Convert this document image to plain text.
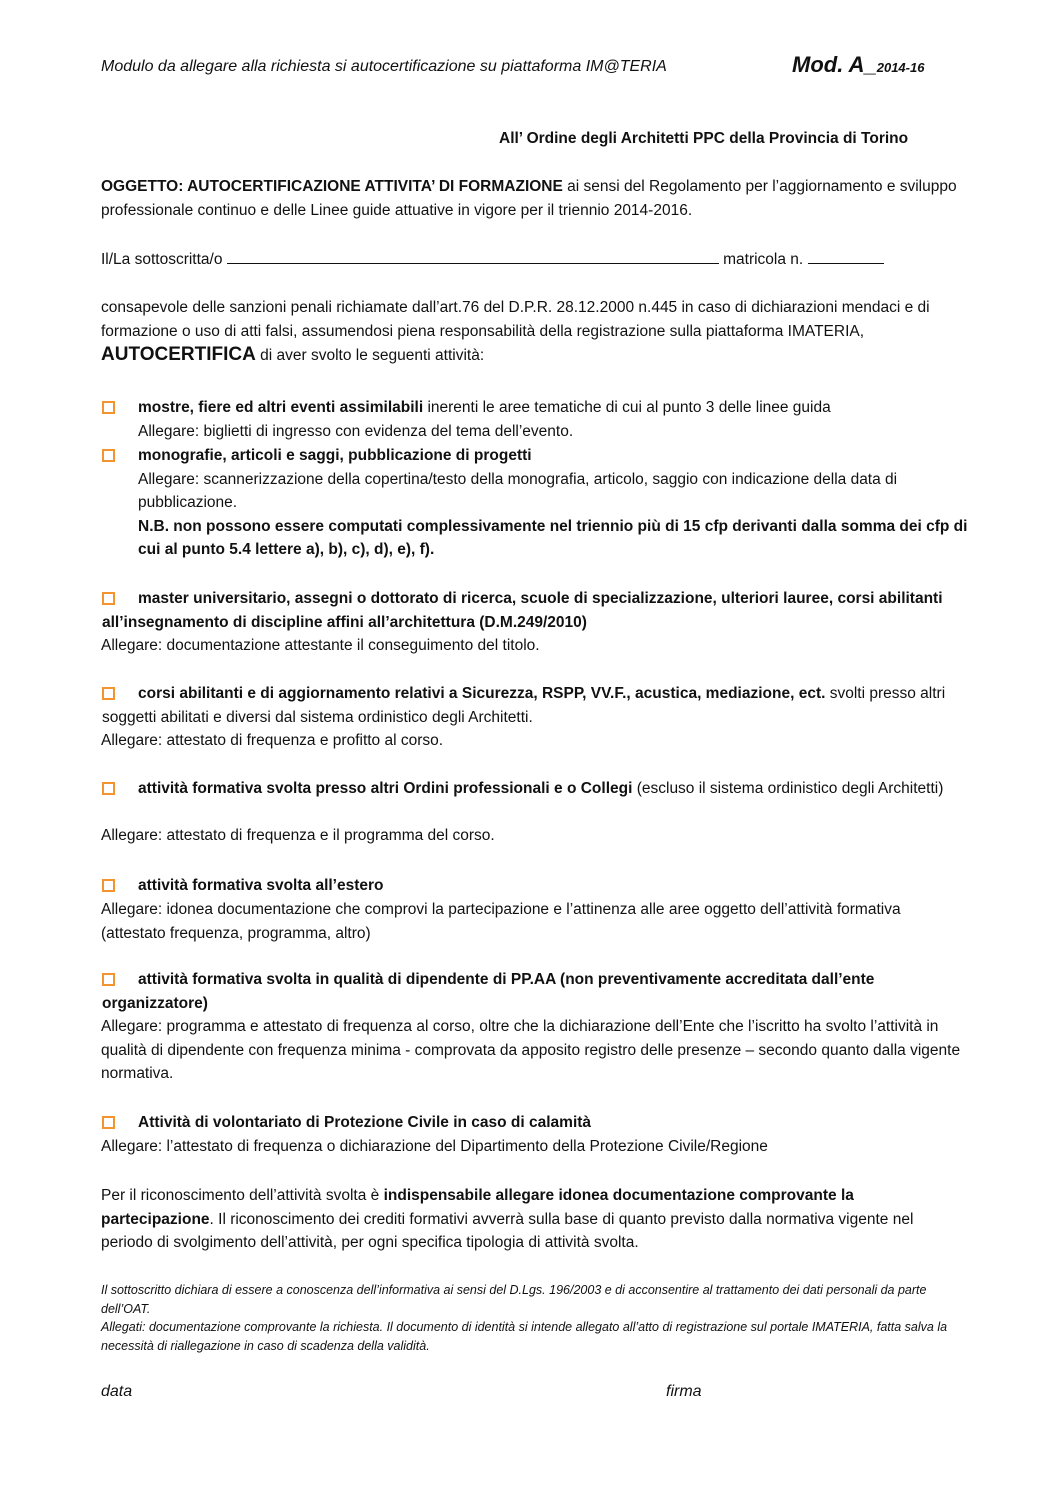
Modulo da allegare alla richiesta si autocertificazione su piattaforma IM@TERIA	Mod. A_2014-16
All’ Ordine degli Architetti PPC della Provincia di Torino
OGGETTO: AUTOCERTIFICAZIONE ATTIVITA’ DI FORMAZIONE ai sensi del Regolamento per l’aggiornamento e sviluppo professionale continuo e delle Linee guide attuative in vigore per il triennio 2014-2016.
Il/La sottoscritta/o	matricola n.
consapevole delle sanzioni penali richiamate dall’art.76 del D.P.R. 28.12.2000 n.445 in caso di dichiarazioni mendaci e di formazione o uso di atti falsi, assumendosi piena responsabilità della registrazione sulla piattaforma IMATERIA, AUTOCERTIFICA di aver svolto le seguenti attività:
mostre, fiere ed altri eventi assimilabili inerenti le aree tematiche di cui al punto 3 delle linee guida
Allegare: biglietti di ingresso con evidenza del tema dell’evento.
monografie, articoli e saggi, pubblicazione di progetti
Allegare: scannerizzazione della copertina/testo della monografia, articolo, saggio con indicazione della data di pubblicazione.
N.B. non possono essere computati complessivamente nel triennio più di 15 cfp derivanti dalla somma dei cfp di cui al punto 5.4 lettere a), b), c), d), e), f).
master universitario, assegni o dottorato di ricerca, scuole di specializzazione, ulteriori lauree, corsi abilitanti all’insegnamento di discipline affini all’architettura (D.M.249/2010)
Allegare: documentazione attestante il conseguimento del titolo.
corsi abilitanti e di aggiornamento relativi a Sicurezza, RSPP, VV.F., acustica, mediazione, ect. svolti presso altri soggetti abilitati e diversi dal sistema ordinistico degli Architetti.
Allegare: attestato di frequenza e profitto al corso.
attività formativa svolta presso altri Ordini professionali e o Collegi (escluso il sistema ordinistico degli Architetti)
Allegare: attestato di frequenza e il programma del corso.
attività formativa svolta all’estero
Allegare: idonea documentazione che comprovi la partecipazione e l’attinenza alle aree oggetto dell’attività formativa (attestato frequenza, programma, altro)
attività formativa svolta in qualità di dipendente di PP.AA (non preventivamente accreditata dall’ente organizzatore)
Allegare: programma e attestato di frequenza al corso, oltre che la dichiarazione dell’Ente che l’iscritto ha svolto l’attività in qualità di dipendente con frequenza minima - comprovata da apposito registro delle presenze – secondo quanto dalla vigente normativa.
Attività di volontariato di Protezione Civile in caso di calamità
Allegare: l’attestato di frequenza o dichiarazione del Dipartimento della Protezione Civile/Regione
Per il riconoscimento dell’attività svolta è indispensabile allegare idonea documentazione comprovante la partecipazione. Il riconoscimento dei crediti formativi avverrà sulla base di quanto previsto dalla normativa vigente nel periodo di svolgimento dell’attività, per ogni specifica tipologia di attività svolta.
Il sottoscritto dichiara di essere a conoscenza dell’informativa ai sensi del D.Lgs. 196/2003 e di acconsentire al trattamento dei dati personali da parte dell’OAT.
Allegati: documentazione comprovante la richiesta. Il documento di identità si intende allegato all’atto di registrazione sul portale IMATERIA, fatta salva la necessità di riallegazione in caso di scadenza della validità.
data	firma
